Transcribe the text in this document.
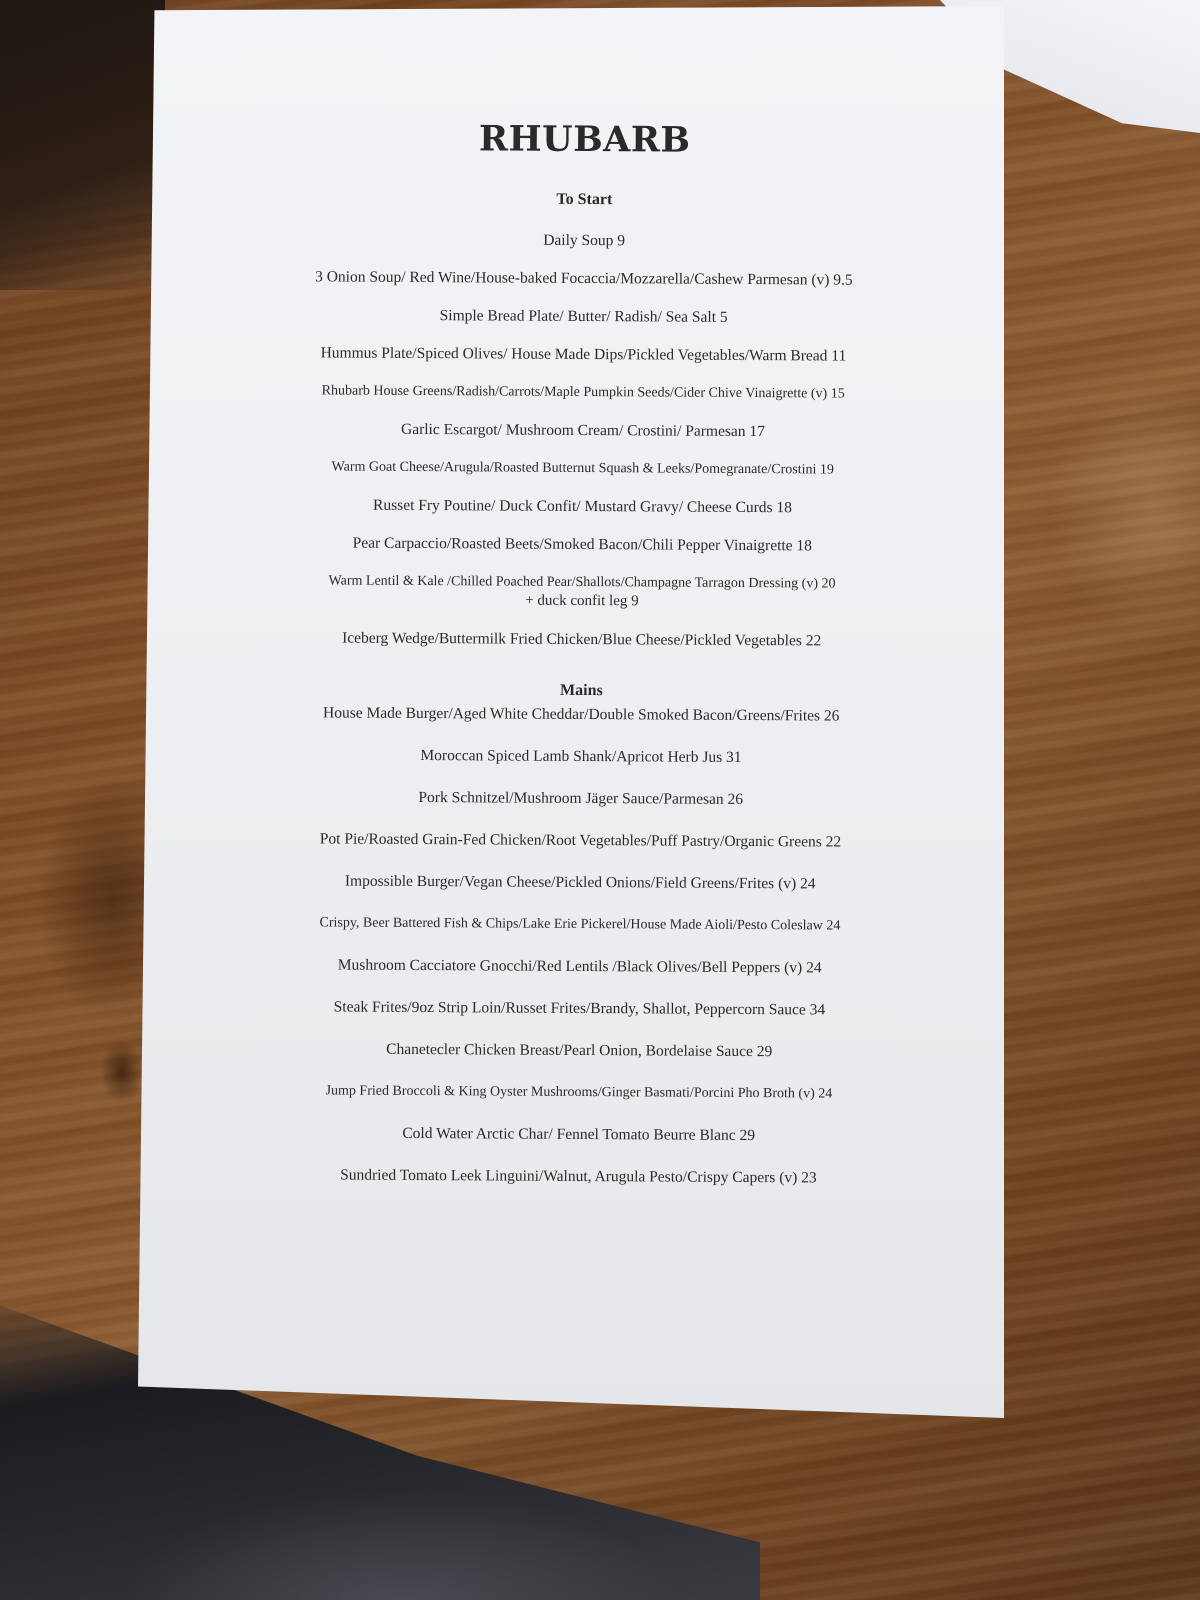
RHUBARB
To Start
Daily Soup 9
3 Onion Soup/ Red Wine/House-baked Focaccia/Mozzarella/Cashew Parmesan (v) 9.5
Simple Bread Plate/ Butter/ Radish/ Sea Salt 5
Hummus Plate/Spiced Olives/ House Made Dips/Pickled Vegetables/Warm Bread 11
Rhubarb House Greens/Radish/Carrots/Maple Pumpkin Seeds/Cider Chive Vinaigrette (v) 15
Garlic Escargot/ Mushroom Cream/ Crostini/ Parmesan 17
Warm Goat Cheese/Arugula/Roasted Butternut Squash & Leeks/Pomegranate/Crostini 19
Russet Fry Poutine/ Duck Confit/ Mustard Gravy/ Cheese Curds 18
Pear Carpaccio/Roasted Beets/Smoked Bacon/Chili Pepper Vinaigrette 18
Warm Lentil & Kale /Chilled Poached Pear/Shallots/Champagne Tarragon Dressing (v) 20
+ duck confit leg 9
Iceberg Wedge/Buttermilk Fried Chicken/Blue Cheese/Pickled Vegetables 22
Mains
House Made Burger/Aged White Cheddar/Double Smoked Bacon/Greens/Frites 26
Moroccan Spiced Lamb Shank/Apricot Herb Jus 31
Pork Schnitzel/Mushroom Jäger Sauce/Parmesan 26
Pot Pie/Roasted Grain-Fed Chicken/Root Vegetables/Puff Pastry/Organic Greens 22
Impossible Burger/Vegan Cheese/Pickled Onions/Field Greens/Frites (v) 24
Crispy, Beer Battered Fish & Chips/Lake Erie Pickerel/House Made Aioli/Pesto Coleslaw 24
Mushroom Cacciatore Gnocchi/Red Lentils /Black Olives/Bell Peppers (v) 24
Steak Frites/9oz Strip Loin/Russet Frites/Brandy, Shallot, Peppercorn Sauce 34
Chanetecler Chicken Breast/Pearl Onion, Bordelaise Sauce 29
Jump Fried Broccoli & King Oyster Mushrooms/Ginger Basmati/Porcini Pho Broth (v) 24
Cold Water Arctic Char/ Fennel Tomato Beurre Blanc 29
Sundried Tomato Leek Linguini/Walnut, Arugula Pesto/Crispy Capers (v) 23
